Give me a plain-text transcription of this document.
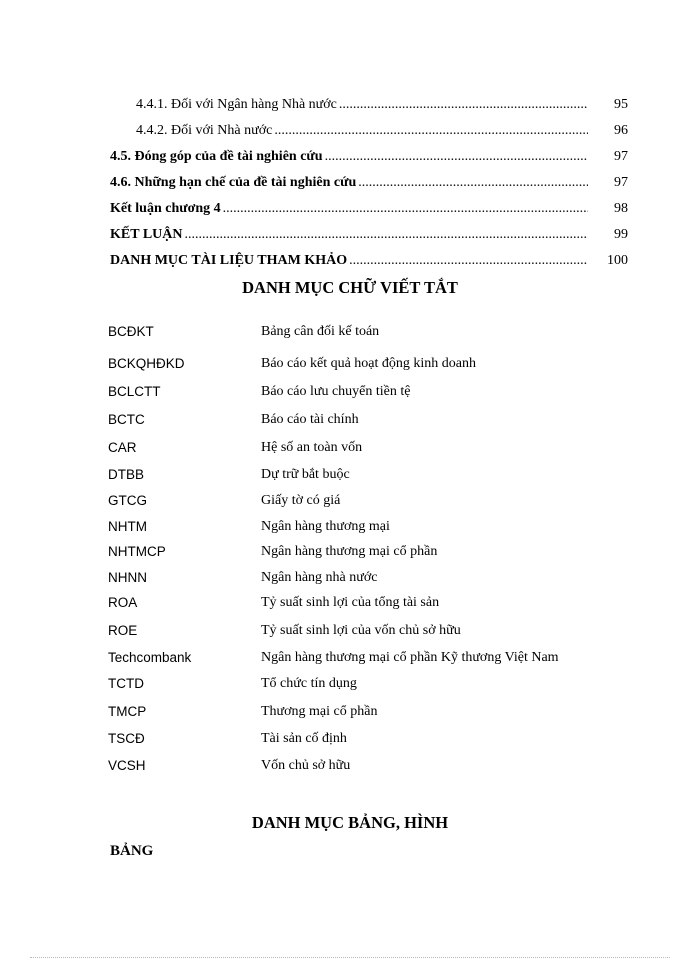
4.4.1. Đối với Ngân hàng Nhà nước .....	95
4.4.2. Đối với Nhà nước .....	96
4.5. Đóng góp của đề tài nghiên cứu .....	97
4.6. Những hạn chế của đề tài nghiên cứu .....	97
Kết luận chương 4 .....	98
KẾT LUẬN .....	99
DANH MỤC TÀI LIỆU THAM KHẢO .....	100
DANH MỤC CHỮ VIẾT TẮT
BCĐKT	Bảng cân đối kế toán
BCKQHĐKD	Báo cáo kết quả hoạt động kinh doanh
BCLCTT	Báo cáo lưu chuyển tiền tệ
BCTC	Báo cáo tài chính
CAR	Hệ số an toàn vốn
DTBB	Dự trữ bắt buộc
GTCG	Giấy tờ có giá
NHTM	Ngân hàng thương mại
NHTMCP	Ngân hàng thương mại cổ phần
NHNN	Ngân hàng nhà nước
ROA	Tỷ suất sinh lợi của tổng tài sản
ROE	Tỷ suất sinh lợi của vốn chủ sở hữu
Techcombank	Ngân hàng thương mại cổ phần Kỹ thương Việt Nam
TCTD	Tổ chức tín dụng
TMCP	Thương mại cổ phần
TSCĐ	Tài sản cố định
VCSH	Vốn chủ sở hữu
DANH MỤC BẢNG, HÌNH
BẢNG
